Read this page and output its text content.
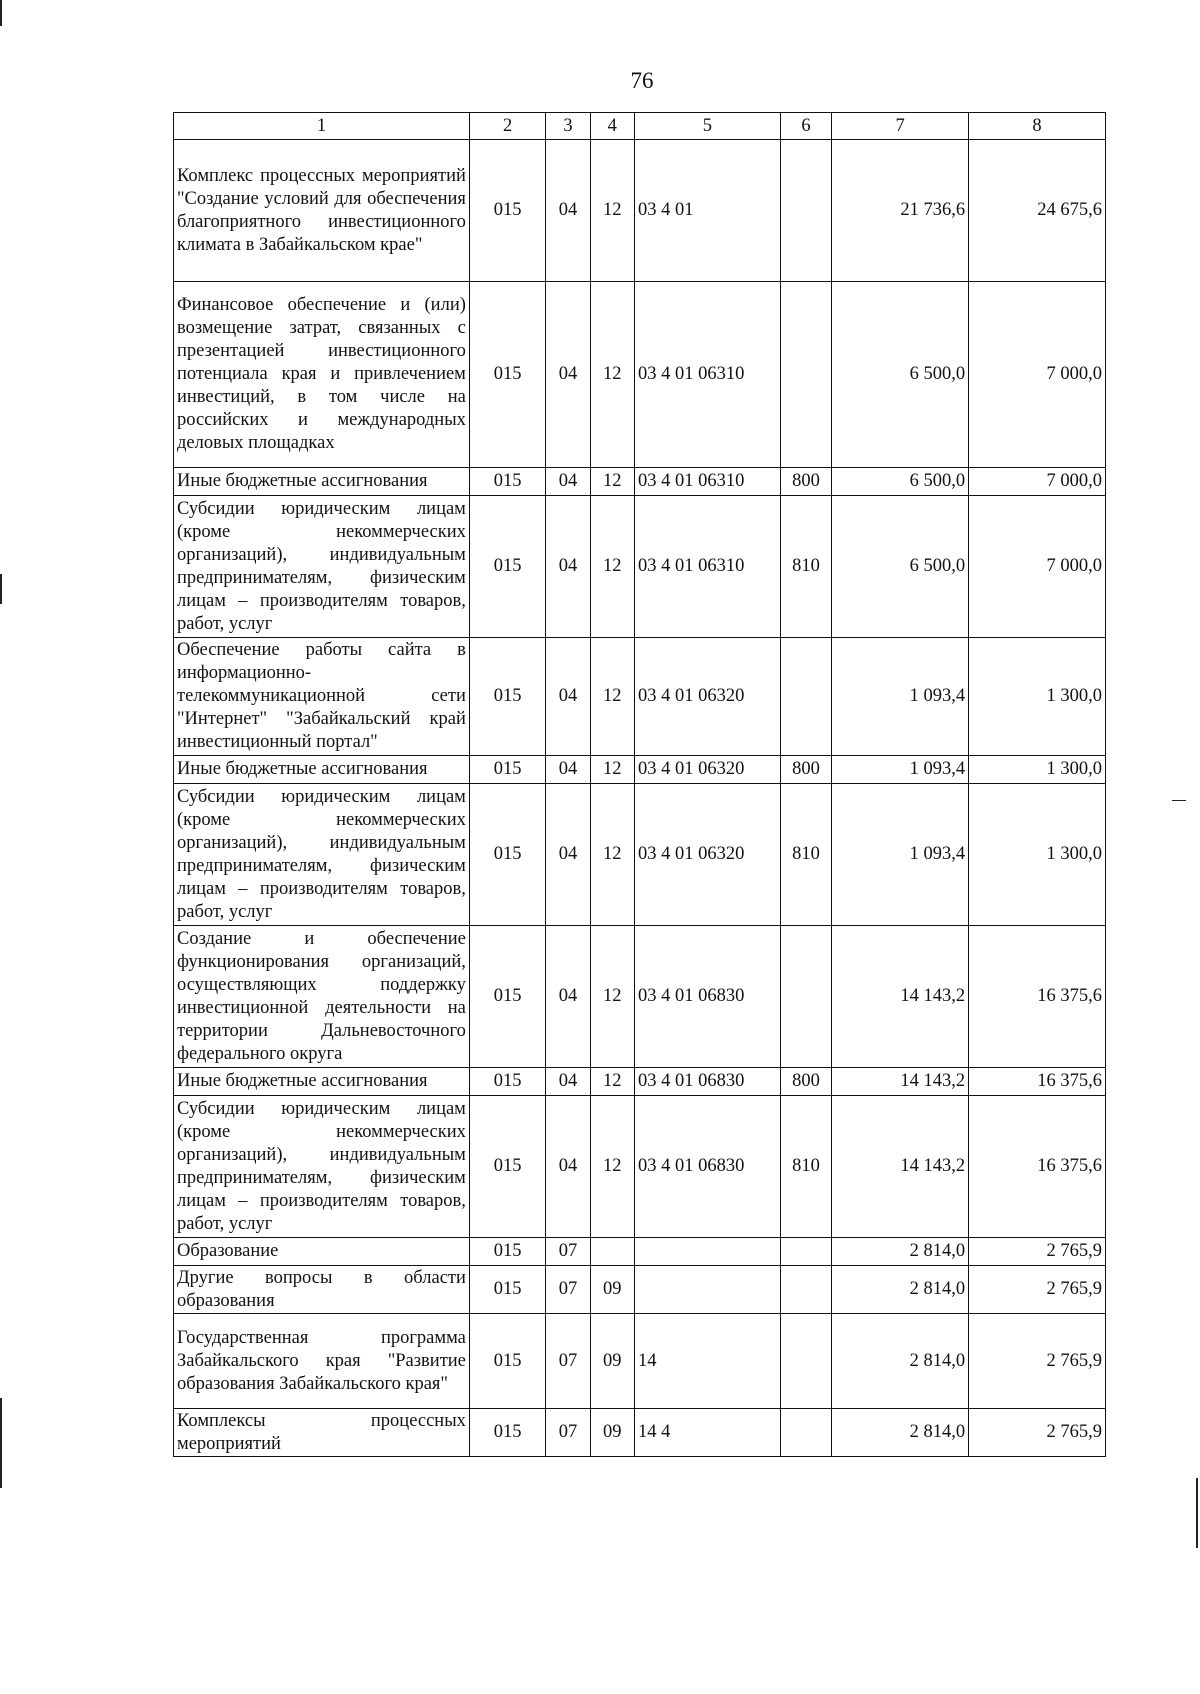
76
1	2	3	4	5	6	7	8
Комплекс процессных мероприятий "Создание условий для обеспечения благоприятного инвестиционного климата в Забайкальском крае"	015	04	12	03 4 01		21 736,6	24 675,6
Финансовое обеспечение и (или) возмещение затрат, связанных с презентацией инвестиционного потенциала края и привлечением инвестиций, в том числе на российских и международных деловых площадках	015	04	12	03 4 01 06310		6 500,0	7 000,0
Иные бюджетные ассигнования	015	04	12	03 4 01 06310	800	6 500,0	7 000,0
Субсидии юридическим лицам (кроме некоммерческих организаций), индивидуальным предпринимателям, физическим лицам – производителям товаров, работ, услуг	015	04	12	03 4 01 06310	810	6 500,0	7 000,0
Обеспечение работы сайта в информационно-телекоммуникационной сети "Интернет" "Забайкальский край инвестиционный портал"	015	04	12	03 4 01 06320		1 093,4	1 300,0
Иные бюджетные ассигнования	015	04	12	03 4 01 06320	800	1 093,4	1 300,0
Субсидии юридическим лицам (кроме некоммерческих организаций), индивидуальным предпринимателям, физическим лицам – производителям товаров, работ, услуг	015	04	12	03 4 01 06320	810	1 093,4	1 300,0
Создание и обеспечение функционирования организаций, осуществляющих поддержку инвестиционной деятельности на территории Дальневосточного федерального округа	015	04	12	03 4 01 06830		14 143,2	16 375,6
Иные бюджетные ассигнования	015	04	12	03 4 01 06830	800	14 143,2	16 375,6
Субсидии юридическим лицам (кроме некоммерческих организаций), индивидуальным предпринимателям, физическим лицам – производителям товаров, работ, услуг	015	04	12	03 4 01 06830	810	14 143,2	16 375,6
Образование	015	07				2 814,0	2 765,9
Другие вопросы в области образования	015	07	09			2 814,0	2 765,9
Государственная программа Забайкальского края "Развитие образования Забайкальского края"	015	07	09	14		2 814,0	2 765,9
Комплексы процессных мероприятий	015	07	09	14 4		2 814,0	2 765,9
